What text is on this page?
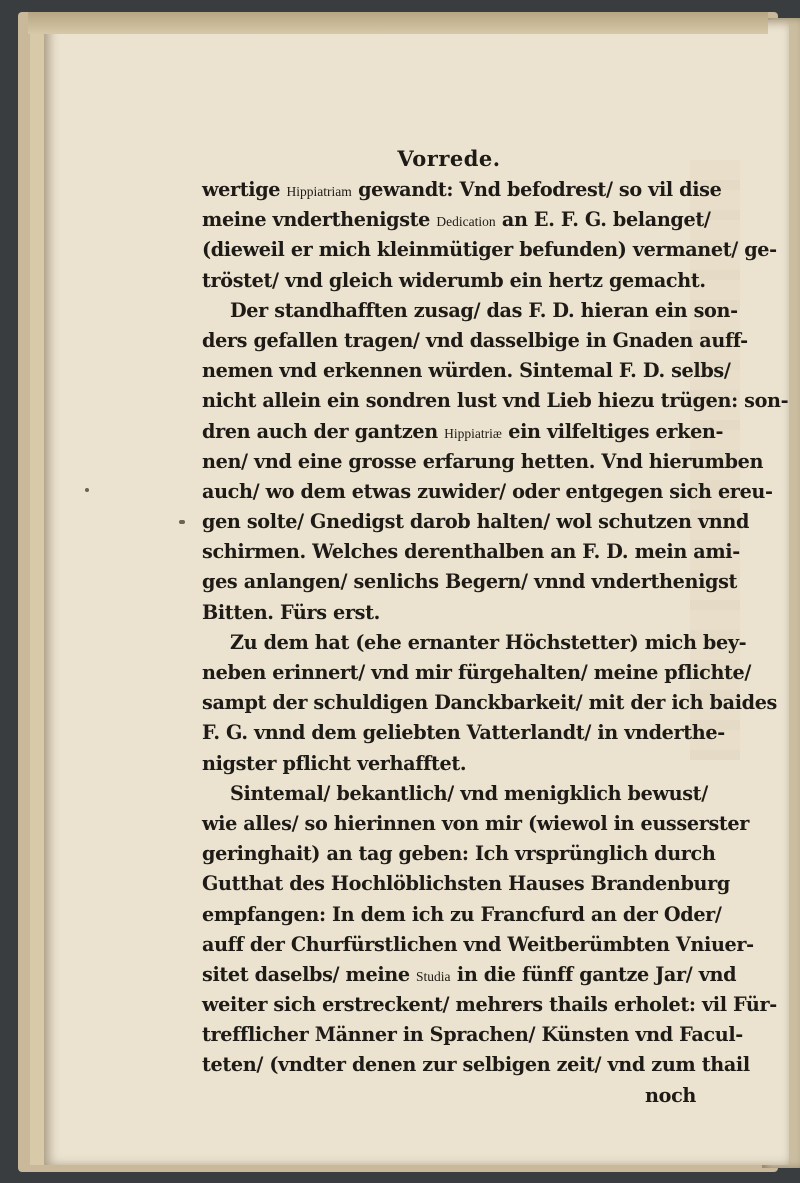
Vorrede.
wertige Hippiatriam gewandt: Vnd befodrest/ so vil dise
meine vnderthenigste Dedication an E. F. G. belanget/
(dieweil er mich kleinmütiger befunden) vermanet/ ge-
tröstet/ vnd gleich widerumb ein hertz gemacht.
Der standhafften zusag/ das F. D. hieran ein son-
ders gefallen tragen/ vnd dasselbige in Gnaden auff-
nemen vnd erkennen würden. Sintemal F. D. selbs/
nicht allein ein sondren lust vnd Lieb hiezu trügen: son-
dren auch der gantzen Hippiatriæ ein vilfeltiges erken-
nen/ vnd eine grosse erfarung hetten. Vnd hierumben
auch/ wo dem etwas zuwider/ oder entgegen sich ereu-
gen solte/ Gnedigst darob halten/ wol schutzen vnnd
schirmen. Welches derenthalben an F. D. mein ami-
ges anlangen/ senlichs Begern/ vnnd vnderthenigst
Bitten. Fürs erst.
Zu dem hat (ehe ernanter Höchstetter) mich bey-
neben erinnert/ vnd mir fürgehalten/ meine pflichte/
sampt der schuldigen Danckbarkeit/ mit der ich baides
F. G. vnnd dem geliebten Vatterlandt/ in vnderthe-
nigster pflicht verhafftet.
Sintemal/ bekantlich/ vnd menigklich bewust/
wie alles/ so hierinnen von mir (wiewol in eusserster
geringhait) an tag geben: Ich vrsprünglich durch
Gutthat des Hochlöblichsten Hauses Brandenburg
empfangen: In dem ich zu Francfurd an der Oder/
auff der Churfürstlichen vnd Weitberümbten Vniuer-
sitet daselbs/ meine Studia in die fünff gantze Jar/ vnd
weiter sich erstreckent/ mehrers thails erholet: vil Für-
trefflicher Männer in Sprachen/ Künsten vnd Facul-
teten/ (vndter denen zur selbigen zeit/ vnd zum thail
noch
